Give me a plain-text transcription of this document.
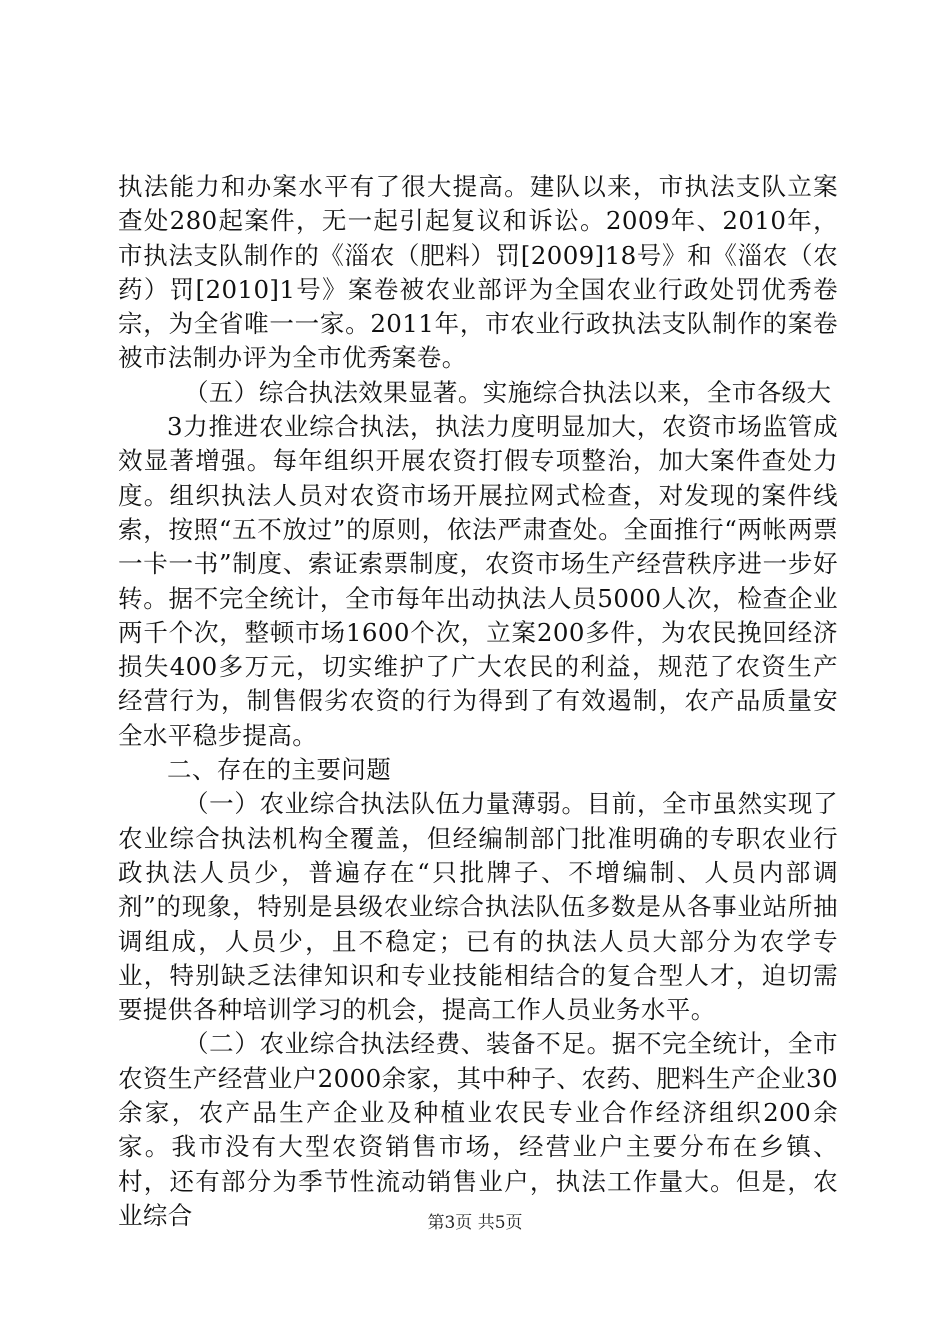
执法能力和办案水平有了很大提高。建队以来，市执法支队立案查处280起案件，无一起引起复议和诉讼。2009年、2010年，市执法支队制作的《淄农（肥料）罚[2009]18号》和《淄农（农药）罚[2010]1号》案卷被农业部评为全国农业行政处罚优秀卷宗，为全省唯一一家。2011年，市农业行政执法支队制作的案卷被市法制办评为全市优秀案卷。

（五）综合执法效果显著。实施综合执法以来，全市各级大

3力推进农业综合执法，执法力度明显加大，农资市场监管成效显著增强。每年组织开展农资打假专项整治，加大案件查处力度。组织执法人员对农资市场开展拉网式检查，对发现的案件线索，按照“五不放过”的原则，依法严肃查处。全面推行“两帐两票一卡一书”制度、索证索票制度，农资市场生产经营秩序进一步好转。据不完全统计，全市每年出动执法人员5000人次，检查企业两千个次，整顿市场1600个次，立案200多件，为农民挽回经济损失400多万元，切实维护了广大农民的利益，规范了农资生产经营行为，制售假劣农资的行为得到了有效遏制，农产品质量安全水平稳步提高。

二、存在的主要问题

（一）农业综合执法队伍力量薄弱。目前，全市虽然实现了农业综合执法机构全覆盖，但经编制部门批准明确的专职农业行政执法人员少，普遍存在“只批牌子、不增编制、人员内部调剂”的现象，特别是县级农业综合执法队伍多数是从各事业站所抽调组成，人员少，且不稳定；已有的执法人员大部分为农学专业，特别缺乏法律知识和专业技能相结合的复合型人才，迫切需要提供各种培训学习的机会，提高工作人员业务水平。

（二）农业综合执法经费、装备不足。据不完全统计，全市农资生产经营业户2000余家，其中种子、农药、肥料生产企业30余家，农产品生产企业及种植业农民专业合作经济组织200余家。我市没有大型农资销售市场，经营业户主要分布在乡镇、村，还有部分为季节性流动销售业户，执法工作量大。但是，农业综合	第3页 共5页
